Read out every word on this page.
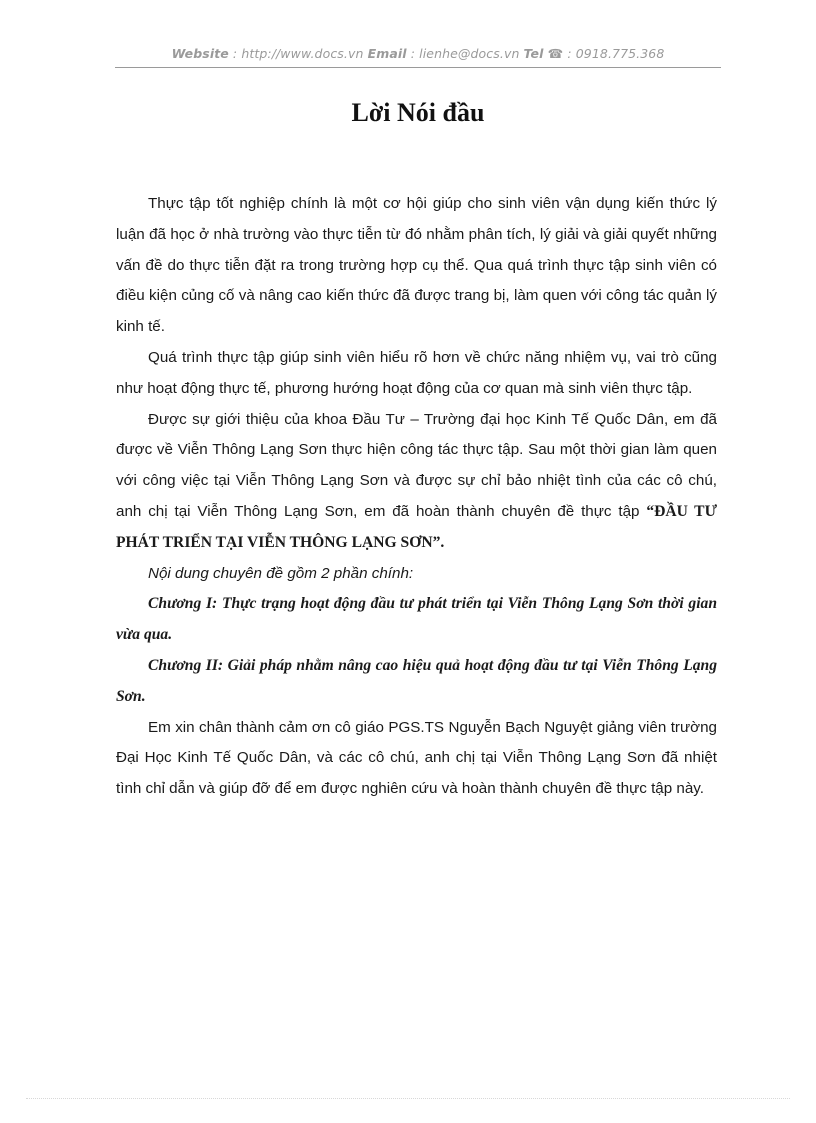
Website : http://www.docs.vn Email : lienhe@docs.vn Tel ☎ : 0918.775.368
Lời Nói đầu

Thực tập tốt nghiệp chính là một cơ hội giúp cho sinh viên vận dụng kiến thức lý luận đã học ở nhà trường vào thực tiễn từ đó nhằm phân tích, lý giải và giải quyết những vấn đề do thực tiễn đặt ra trong trường hợp cụ thể. Qua quá trình thực tập sinh viên có điều kiện củng cố và nâng cao kiến thức đã được trang bị, làm quen với công tác quản lý kinh tế.

Quá trình thực tập giúp sinh viên hiểu rõ hơn về chức năng nhiệm vụ, vai trò cũng như hoạt động thực tế, phương hướng hoạt động của cơ quan mà sinh viên thực tập.

Được sự giới thiệu của khoa Đầu Tư – Trường đại học Kinh Tế Quốc Dân, em đã được về Viễn Thông Lạng Sơn thực hiện công tác thực tập. Sau một thời gian làm quen với công việc tại Viễn Thông Lạng Sơn và được sự chỉ bảo nhiệt tình của các cô chú, anh chị tại Viễn Thông Lạng Sơn, em đã hoàn thành chuyên đề thực tập “ĐẦU TƯ PHÁT TRIỂN TẠI VIỄN THÔNG LẠNG SƠN”.

Nội dung chuyên đề gồm 2 phần chính:

Chương I: Thực trạng hoạt động đầu tư phát triển tại Viễn Thông Lạng Sơn thời gian vừa qua.

Chương II: Giải pháp nhằm nâng cao hiệu quả hoạt động đầu tư tại Viễn Thông Lạng Sơn.

Em xin chân thành cảm ơn cô giáo PGS.TS Nguyễn Bạch Nguyệt giảng viên trường Đại Học Kinh Tế Quốc Dân, và các cô chú, anh chị tại Viễn Thông Lạng Sơn đã nhiệt tình chỉ dẫn và giúp đỡ để em được nghiên cứu và hoàn thành chuyên đề thực tập này.
